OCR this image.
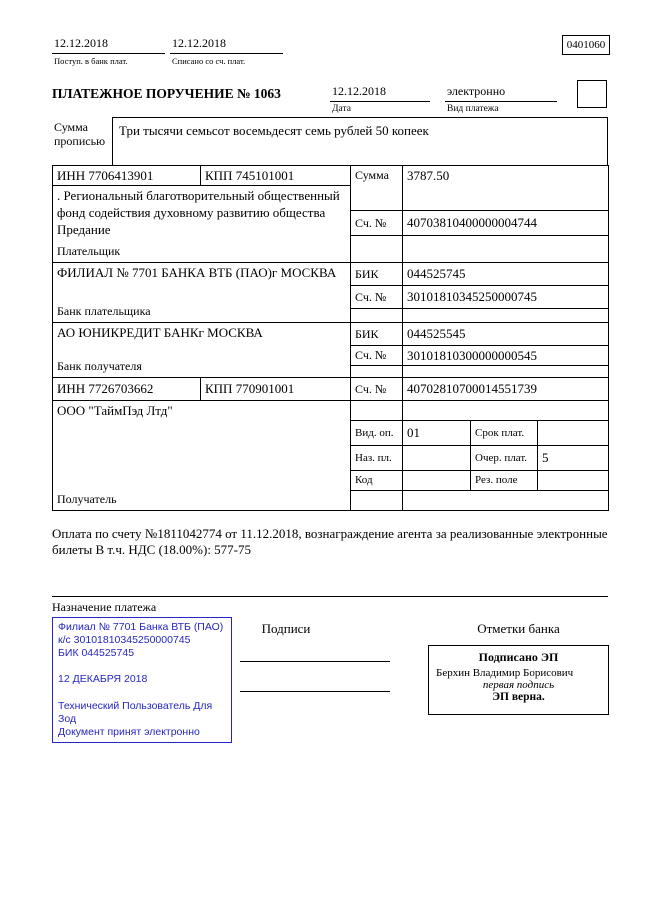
12.12.2018
Поступ. в банк плат.
12.12.2018
Списано со сч. плат.
0401060
ПЛАТЕЖНОЕ ПОРУЧЕНИЕ № 1063	12.12.2018
Дата
электронно
Вид платежа
Сумма прописью
Три тысячи семьсот восемьдесят семь рублей 50 копеек
ИНН 7706413901	КПП 745101001	Сумма	3787.50		

. Региональный благотворительный общественный фонд содействия духовному развитию общества Предание
Плательщик					

		Сч. №	40703810400000004744		

ФИЛИАЛ № 7701 БАНКА ВТБ (ПАО)г МОСКВА
Банк плательщика		БИК	044525745		
		Сч. №	30101810345250000745		

АО ЮНИКРЕДИТ БАНКг МОСКВА
Банк получателя		БИК	044525545		
		Сч. №	30101810300000000545		

ИНН 7726703662	КПП 770901001	Сч. №	40702810700014551739		

ООО "ТаймПэд Лтд"
Получатель					

		Вид. оп.	01	Срок плат.	
		Наз. пл.		Очер. плат.	5
		Код		Рез. поле	

Оплата по счету №1811042774 от 11.12.2018, вознаграждение агента за реализованные электронные билеты В т.ч. НДС (18.00%): 577-75
Назначение платежа
Филиал № 7701 Банка ВТБ (ПАО)
к/с 30101810345250000745
БИК 044525745
12 ДЕКАБРЯ 2018
Технический Пользователь Для Зод
Документ принят электронно
Подписи	Отметки банка
Подписано ЭП
Берхин Владимир Борисович
первая подпись
ЭП верна.
